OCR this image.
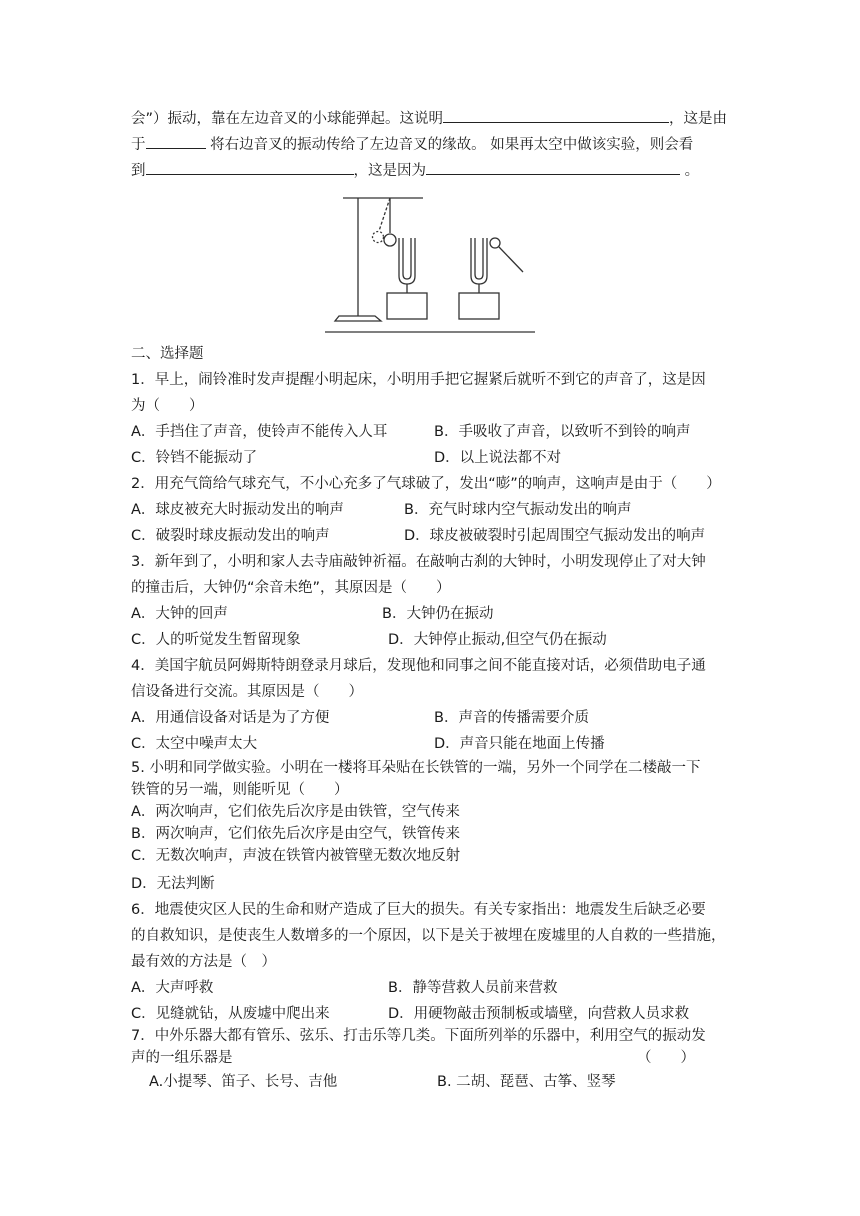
会”）振动，靠在左边音叉的小球能弹起。这说明	，这是由
于	将右边音叉的振动传给了左边音叉的缘故。 如果再太空中做该实验，则会看
到	，这是因为	。
二、选择题
1．早上，闹铃准时发声提醒小明起床，小明用手把它握紧后就听不到它的声音了，这是因
为（　　）
A．手挡住了声音，使铃声不能传入人耳	B．手吸收了声音，以致听不到铃的响声
C．铃铛不能振动了	D．以上说法都不对
2．用充气筒给气球充气，不小心充多了气球破了，发出“嘭”的响声，这响声是由于（　　）
A．球皮被充大时振动发出的响声	B．充气时球内空气振动发出的响声
C．破裂时球皮振动发出的响声	D．球皮被破裂时引起周围空气振动发出的响声
3．新年到了，小明和家人去寺庙敲钟祈福。在敲响古刹的大钟时，小明发现停止了对大钟
的撞击后，大钟仍“余音未绝”，其原因是（　　）
A．大钟的回声	B．大钟仍在振动
C．人的听觉发生暂留现象	D．大钟停止振动,但空气仍在振动
4．美国宇航员阿姆斯特朗登录月球后，发现他和同事之间不能直接对话，必须借助电子通
信设备进行交流。其原因是（　　）
A．用通信设备对话是为了方便	B．声音的传播需要介质
C．太空中噪声太大	D．声音只能在地面上传播
5. 小明和同学做实验。小明在一楼将耳朵贴在长铁管的一端，另外一个同学在二楼敲一下
铁管的另一端，则能听见（　　）
A．两次响声，它们依先后次序是由铁管，空气传来
B．两次响声，它们依先后次序是由空气，铁管传来
C．无数次响声，声波在铁管内被管壁无数次地反射
D．无法判断
6．地震使灾区人民的生命和财产造成了巨大的损失。有关专家指出：地震发生后缺乏必要
的自救知识，是使丧生人数增多的一个原因，以下是关于被埋在废墟里的人自救的一些措施，
最有效的方法是（　）
A．大声呼救	B．静等营救人员前来营救
C．见缝就钻，从废墟中爬出来	D．用硬物敲击预制板或墙壁，向营救人员求救
7．中外乐器大都有管乐、弦乐、打击乐等几类。下面所列举的乐器中，利用空气的振动发
声的一组乐器是	（　　）
A.小提琴、笛子、长号、吉他	B. 二胡、琵琶、古筝、竖琴
